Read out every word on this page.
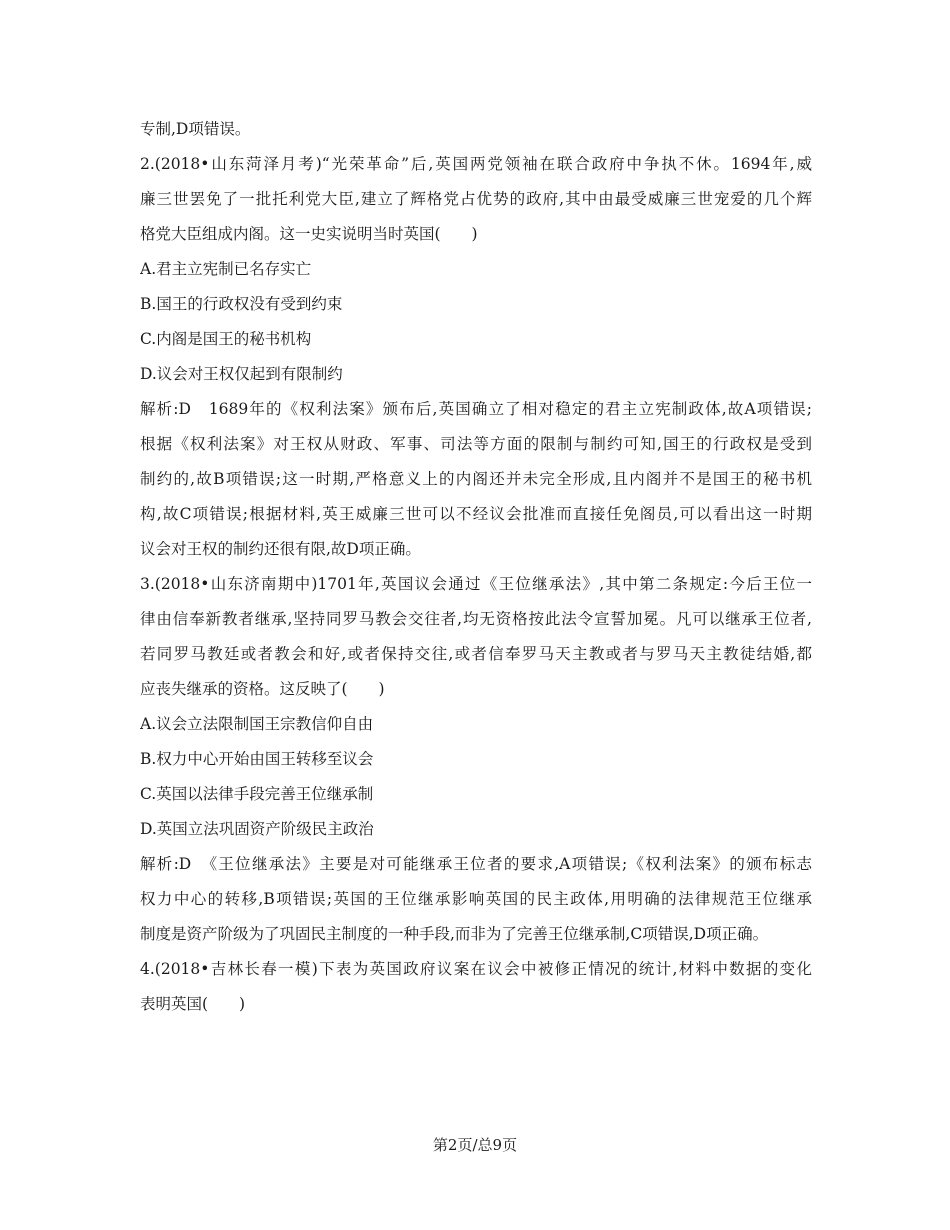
专制,D项错误。
2.(2018•山东菏泽月考)“光荣革命”后,英国两党领袖在联合政府中争执不休。1694年,威
廉三世罢免了一批托利党大臣,建立了辉格党占优势的政府,其中由最受威廉三世宠爱的几个辉
格党大臣组成内阁。这一史实说明当时英国(　　)
A.君主立宪制已名存实亡
B.国王的行政权没有受到约束
C.内阁是国王的秘书机构
D.议会对王权仅起到有限制约
解析:D　1689年的《权利法案》颁布后,英国确立了相对稳定的君主立宪制政体,故A项错误;
根据《权利法案》对王权从财政、军事、司法等方面的限制与制约可知,国王的行政权是受到
制约的,故B项错误;这一时期,严格意义上的内阁还并未完全形成,且内阁并不是国王的秘书机
构,故C项错误;根据材料,英王威廉三世可以不经议会批准而直接任免阁员,可以看出这一时期
议会对王权的制约还很有限,故D项正确。
3.(2018•山东济南期中)1701年,英国议会通过《王位继承法》,其中第二条规定:今后王位一
律由信奉新教者继承,坚持同罗马教会交往者,均无资格按此法令宣誓加冕。凡可以继承王位者,
若同罗马教廷或者教会和好,或者保持交往,或者信奉罗马天主教或者与罗马天主教徒结婚,都
应丧失继承的资格。这反映了(　　)
A.议会立法限制国王宗教信仰自由
B.权力中心开始由国王转移至议会
C.英国以法律手段完善王位继承制
D.英国立法巩固资产阶级民主政治
解析:D　《王位继承法》主要是对可能继承王位者的要求,A项错误;《权利法案》的颁布标志
权力中心的转移,B项错误;英国的王位继承影响英国的民主政体,用明确的法律规范王位继承
制度是资产阶级为了巩固民主制度的一种手段,而非为了完善王位继承制,C项错误,D项正确。
4.(2018•吉林长春一模)下表为英国政府议案在议会中被修正情况的统计,材料中数据的变化
表明英国(　　)
第2页/总9页
